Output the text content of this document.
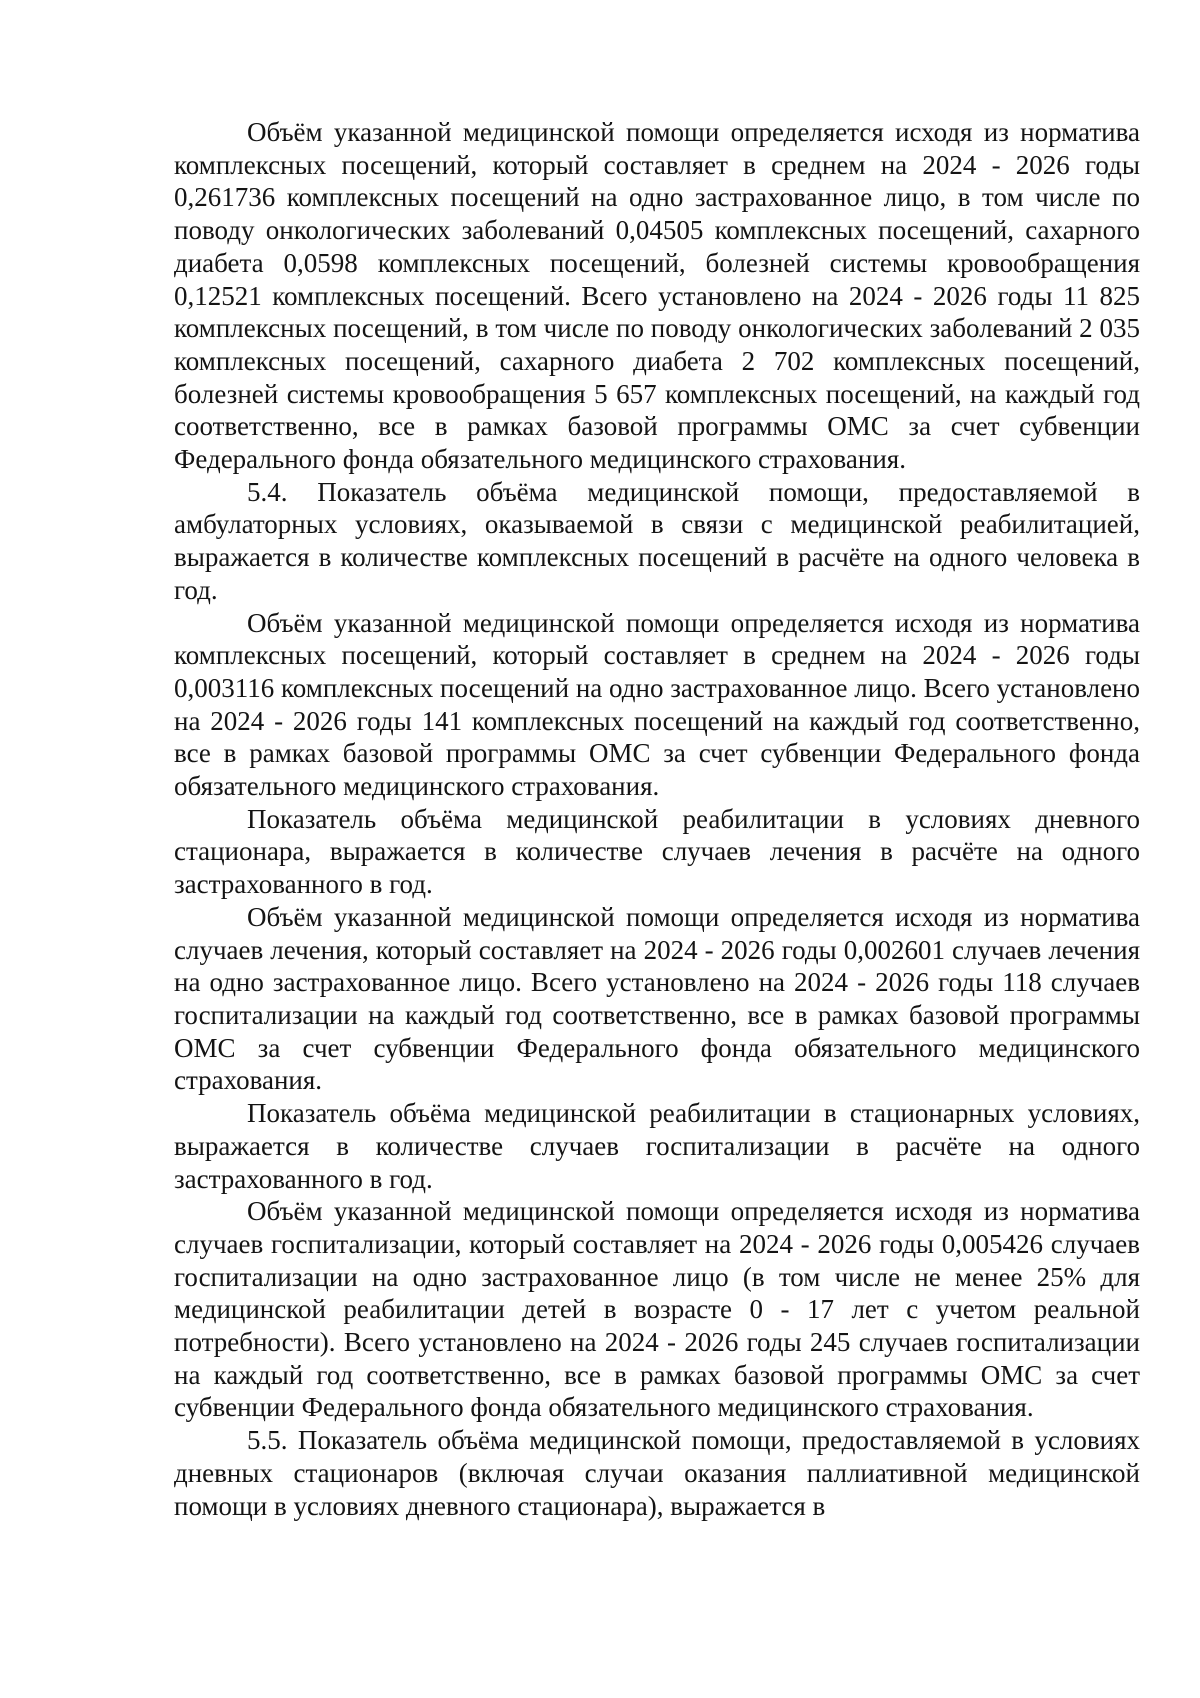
Объём указанной медицинской помощи определяется исходя из норматива комплексных посещений, который составляет в среднем на 2024 - 2026 годы 0,261736 комплексных посещений на одно застрахованное лицо, в том числе по поводу онкологических заболеваний 0,04505 комплексных посещений, сахарного диабета 0,0598 комплексных посещений, болезней системы кровообращения 0,12521 комплексных посещений. Всего установлено на 2024 - 2026 годы 11 825 комплексных посещений, в том числе по поводу онкологических заболеваний 2 035 комплексных посещений, сахарного диабета 2 702 комплексных посещений, болезней системы кровообращения 5 657 комплексных посещений, на каждый год соответственно, все в рамках базовой программы ОМС за счет субвенции Федерального фонда обязательного медицинского страхования.

5.4. Показатель объёма медицинской помощи, предоставляемой в амбулаторных условиях, оказываемой в связи с медицинской реабилитацией, выражается в количестве комплексных посещений в расчёте на одного человека в год.

Объём указанной медицинской помощи определяется исходя из норматива комплексных посещений, который составляет в среднем на 2024 - 2026 годы 0,003116 комплексных посещений на одно застрахованное лицо. Всего установлено на 2024 - 2026 годы 141 комплексных посещений на каждый год соответственно, все в рамках базовой программы ОМС за счет субвенции Федерального фонда обязательного медицинского страхования.

Показатель объёма медицинской реабилитации в условиях дневного стационара, выражается в количестве случаев лечения в расчёте на одного застрахованного в год.

Объём указанной медицинской помощи определяется исходя из норматива случаев лечения, который составляет на 2024 - 2026 годы 0,002601 случаев лечения на одно застрахованное лицо. Всего установлено на 2024 - 2026 годы 118 случаев госпитализации на каждый год соответственно, все в рамках базовой программы ОМС за счет субвенции Федерального фонда обязательного медицинского страхования.

Показатель объёма медицинской реабилитации в стационарных условиях, выражается в количестве случаев госпитализации в расчёте на одного застрахованного в год.

Объём указанной медицинской помощи определяется исходя из норматива случаев госпитализации, который составляет на 2024 - 2026 годы 0,005426 случаев госпитализации на одно застрахованное лицо (в том числе не менее 25% для медицинской реабилитации детей в возрасте 0 - 17 лет с учетом реальной потребности). Всего установлено на 2024 - 2026 годы 245 случаев госпитализации на каждый год соответственно, все в рамках базовой программы ОМС за счет субвенции Федерального фонда обязательного медицинского страхования.

5.5. Показатель объёма медицинской помощи, предоставляемой в условиях дневных стационаров (включая случаи оказания паллиативной медицинской помощи в условиях дневного стационара), выражается в
